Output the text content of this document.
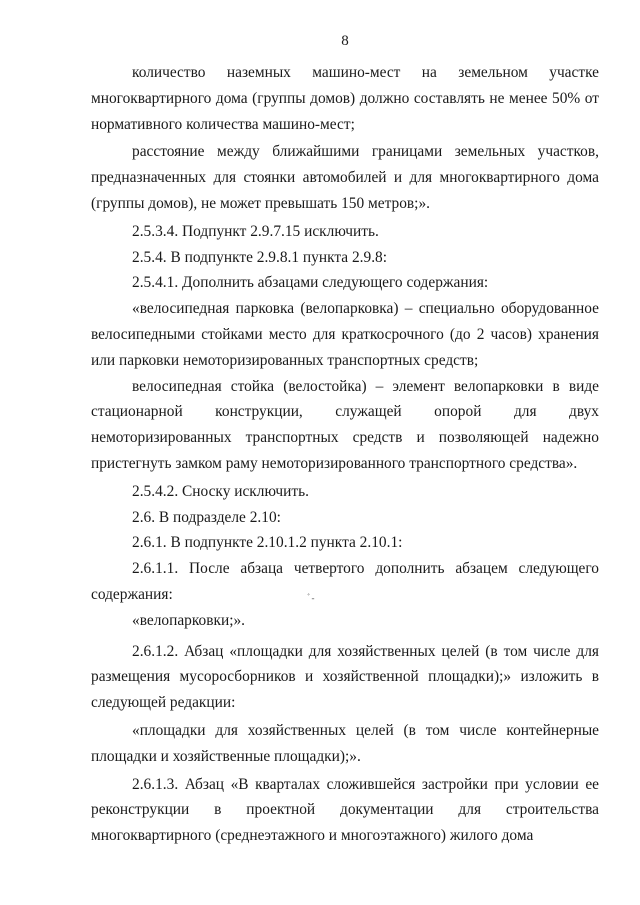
8

количество наземных машино-мест на земельном участке многоквартирного дома (группы домов) должно составлять не менее 50% от нормативного количества машино-мест;

расстояние между ближайшими границами земельных участков, предназначенных для стоянки автомобилей и для многоквартирного дома (группы домов), не может превышать 150 метров;».

2.5.3.4. Подпункт 2.9.7.15 исключить.

2.5.4. В подпункте 2.9.8.1 пункта 2.9.8:

2.5.4.1. Дополнить абзацами следующего содержания:

«велосипедная парковка (велопарковка) – специально оборудованное велосипедными стойками место для краткосрочного (до 2 часов) хранения или парковки немоторизированных транспортных средств;

велосипедная стойка (велостойка) – элемент велопарковки в виде стационарной конструкции, служащей опорой для двух немоторизированных транспортных средств и позволяющей надежно пристегнуть замком раму немоторизированного транспортного средства».

2.5.4.2. Сноску исключить.

2.6. В подразделе 2.10:

2.6.1. В подпункте 2.10.1.2 пункта 2.10.1:

2.6.1.1. После абзаца четвертого дополнить абзацем следующего содержания:

«велопарковки;».

2.6.1.2. Абзац «площадки для хозяйственных целей (в том числе для размещения мусоросборников и хозяйственной площадки);» изложить в следующей редакции:

«площадки для хозяйственных целей (в том числе контейнерные площадки и хозяйственные площадки);».

2.6.1.3. Абзац «В кварталах сложившейся застройки при условии ее реконструкции в проектной документации для строительства многоквартирного (среднеэтажного и многоэтажного) жилого дома

ﾞ-
